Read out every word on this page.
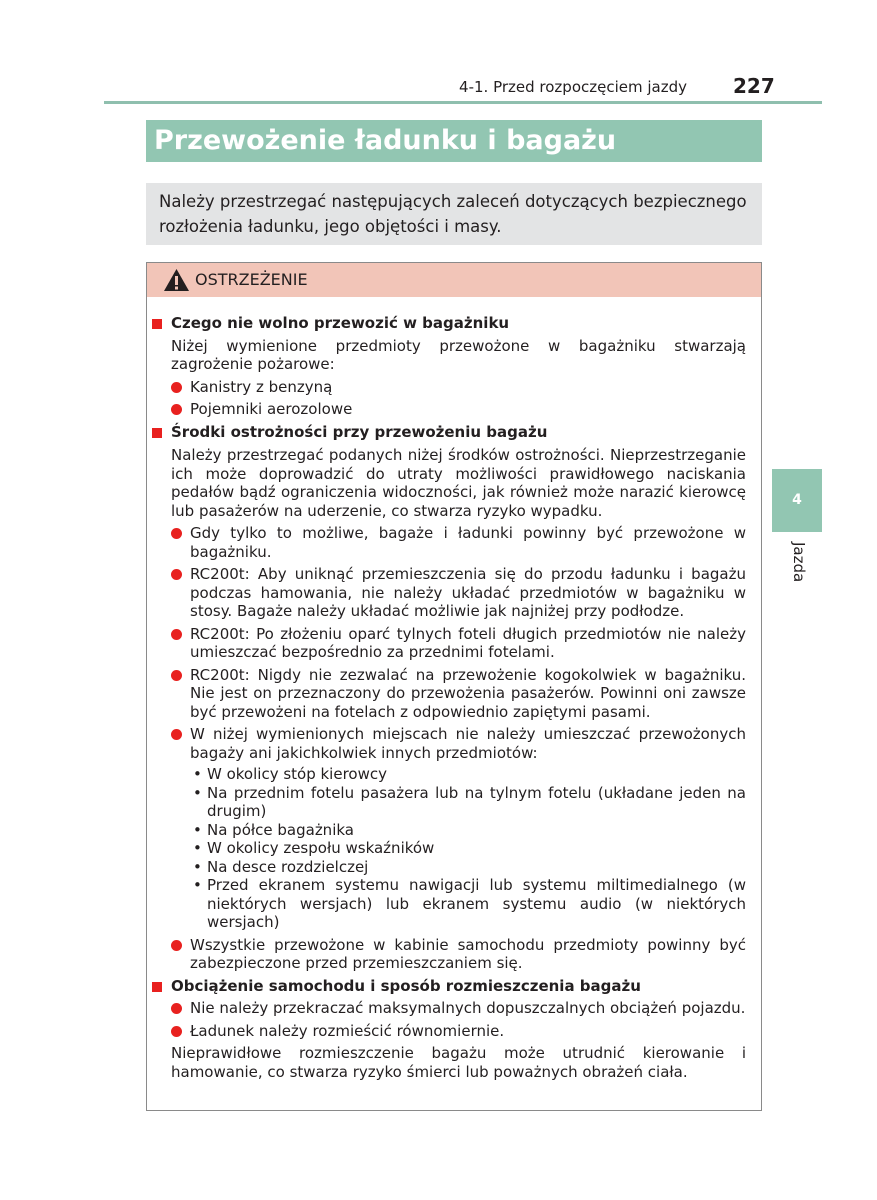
4-1. Przed rozpoczęciem jazdy 227
Przewożenie ładunku i bagażu
Należy przestrzegać następujących zaleceń dotyczących bezpiecznego rozłożenia ładunku, jego objętości i masy.
OSTRZEŻENIE
Czego nie wolno przewozić w bagażniku
Niżej wymienione przedmioty przewożone w bagażniku stwarzają zagrożenie pożarowe:
Kanistry z benzyną
Pojemniki aerozolowe
Środki ostrożności przy przewożeniu bagażu
Należy przestrzegać podanych niżej środków ostrożności. Nieprzestrzeganie ich może doprowadzić do utraty możliwości prawidłowego naciskania pedałów bądź ograniczenia widoczności, jak również może narazić kierowcę lub pasażerów na uderzenie, co stwarza ryzyko wypadku.
Gdy tylko to możliwe, bagaże i ładunki powinny być przewożone w bagażniku.
RC200t: Aby uniknąć przemieszczenia się do przodu ładunku i bagażu podczas hamowania, nie należy układać przedmiotów w bagażniku w stosy. Bagaże należy układać możliwie jak najniżej przy podłodze.
RC200t: Po złożeniu oparć tylnych foteli długich przedmiotów nie należy umieszczać bezpośrednio za przednimi fotelami.
RC200t: Nigdy nie zezwalać na przewożenie kogokolwiek w bagażniku. Nie jest on przeznaczony do przewożenia pasażerów. Powinni oni zawsze być przewożeni na fotelach z odpowiednio zapiętymi pasami.
W niżej wymienionych miejscach nie należy umieszczać przewożonych bagaży ani jakichkolwiek innych przedmiotów:
• W okolicy stóp kierowcy
• Na przednim fotelu pasażera lub na tylnym fotelu (układane jeden na drugim)
• Na półce bagażnika
• W okolicy zespołu wskaźników
• Na desce rozdzielczej
• Przed ekranem systemu nawigacji lub systemu miltimedialnego (w niektórych wersjach) lub ekranem systemu audio (w niektórych wersjach)
Wszystkie przewożone w kabinie samochodu przedmioty powinny być zabezpieczone przed przemieszczaniem się.
Obciążenie samochodu i sposób rozmieszczenia bagażu
Nie należy przekraczać maksymalnych dopuszczalnych obciążeń pojazdu.
Ładunek należy rozmieścić równomiernie.
Nieprawidłowe rozmieszczenie bagażu może utrudnić kierowanie i hamowanie, co stwarza ryzyko śmierci lub poważnych obrażeń ciała.
4
Jazda
